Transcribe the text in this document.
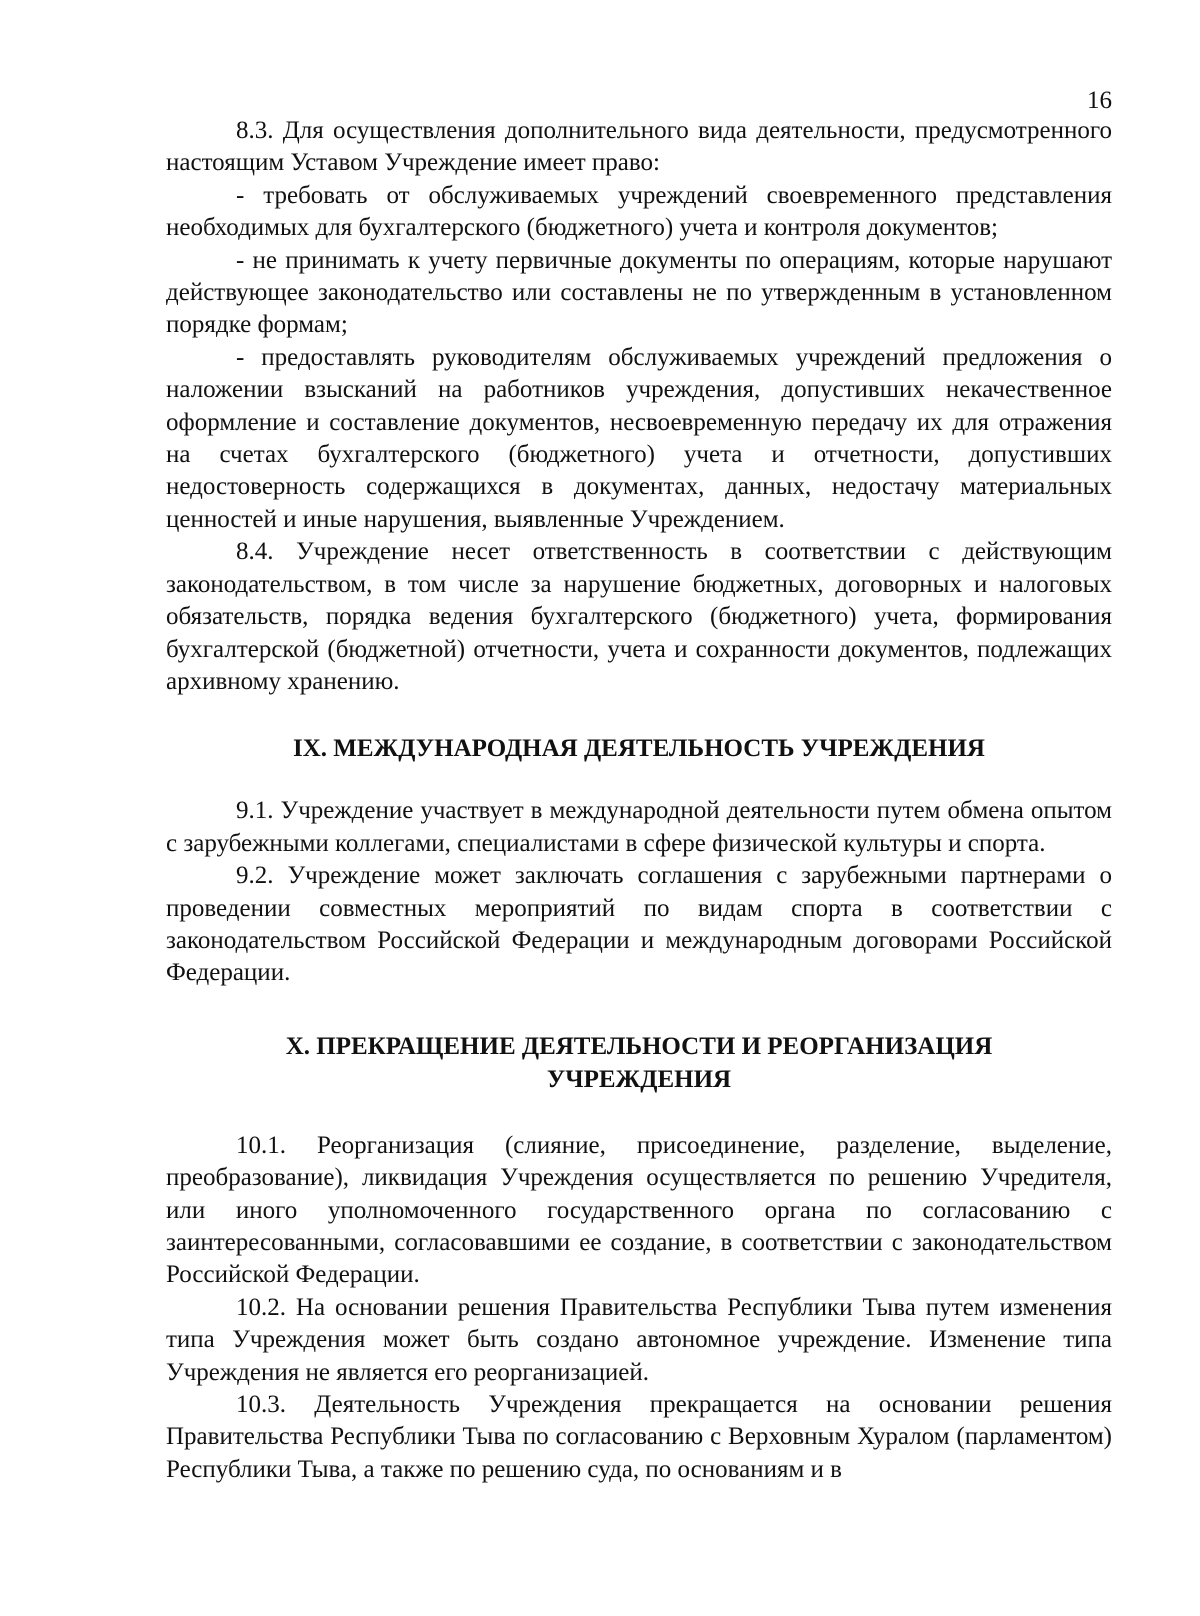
16

8.3. Для осуществления дополнительного вида деятельности, предусмотренного настоящим Уставом Учреждение имеет право:

- требовать от обслуживаемых учреждений своевременного представления необходимых для бухгалтерского (бюджетного) учета и контроля документов;

- не принимать к учету первичные документы по операциям, которые нарушают действующее законодательство или составлены не по утвержденным в установленном порядке формам;

- предоставлять руководителям обслуживаемых учреждений предложения о наложении взысканий на работников учреждения, допустивших некачественное оформление и составление документов, несвоевременную передачу их для отражения на счетах бухгалтерского (бюджетного) учета и отчетности, допустивших недостоверность содержащихся в документах, данных, недостачу материальных ценностей и иные нарушения, выявленные Учреждением.

8.4. Учреждение несет ответственность в соответствии с действующим законодательством, в том числе за нарушение бюджетных, договорных и налоговых обязательств, порядка ведения бухгалтерского (бюджетного) учета, формирования бухгалтерской (бюджетной) отчетности, учета и сохранности документов, подлежащих архивному хранению.

IX. МЕЖДУНАРОДНАЯ ДЕЯТЕЛЬНОСТЬ УЧРЕЖДЕНИЯ

9.1. Учреждение участвует в международной деятельности путем обмена опытом с зарубежными коллегами, специалистами в сфере физической культуры и спорта.

9.2. Учреждение может заключать соглашения с зарубежными партнерами о проведении совместных мероприятий по видам спорта в соответствии с законодательством Российской Федерации и международным договорами Российской Федерации.

X. ПРЕКРАЩЕНИЕ ДЕЯТЕЛЬНОСТИ И РЕОРГАНИЗАЦИЯ
УЧРЕЖДЕНИЯ

10.1. Реорганизация (слияние, присоединение, разделение, выделение, преобразование), ликвидация Учреждения осуществляется по решению Учредителя, или иного уполномоченного государственного органа по согласованию с заинтересованными, согласовавшими ее создание, в соответствии с законодательством Российской Федерации.

10.2. На основании решения Правительства Республики Тыва путем изменения типа Учреждения может быть создано автономное учреждение. Изменение типа Учреждения не является его реорганизацией.

10.3. Деятельность Учреждения прекращается на основании решения Правительства Республики Тыва по согласованию с Верховным Хуралом (парламентом) Республики Тыва, а также по решению суда, по основаниям и в
